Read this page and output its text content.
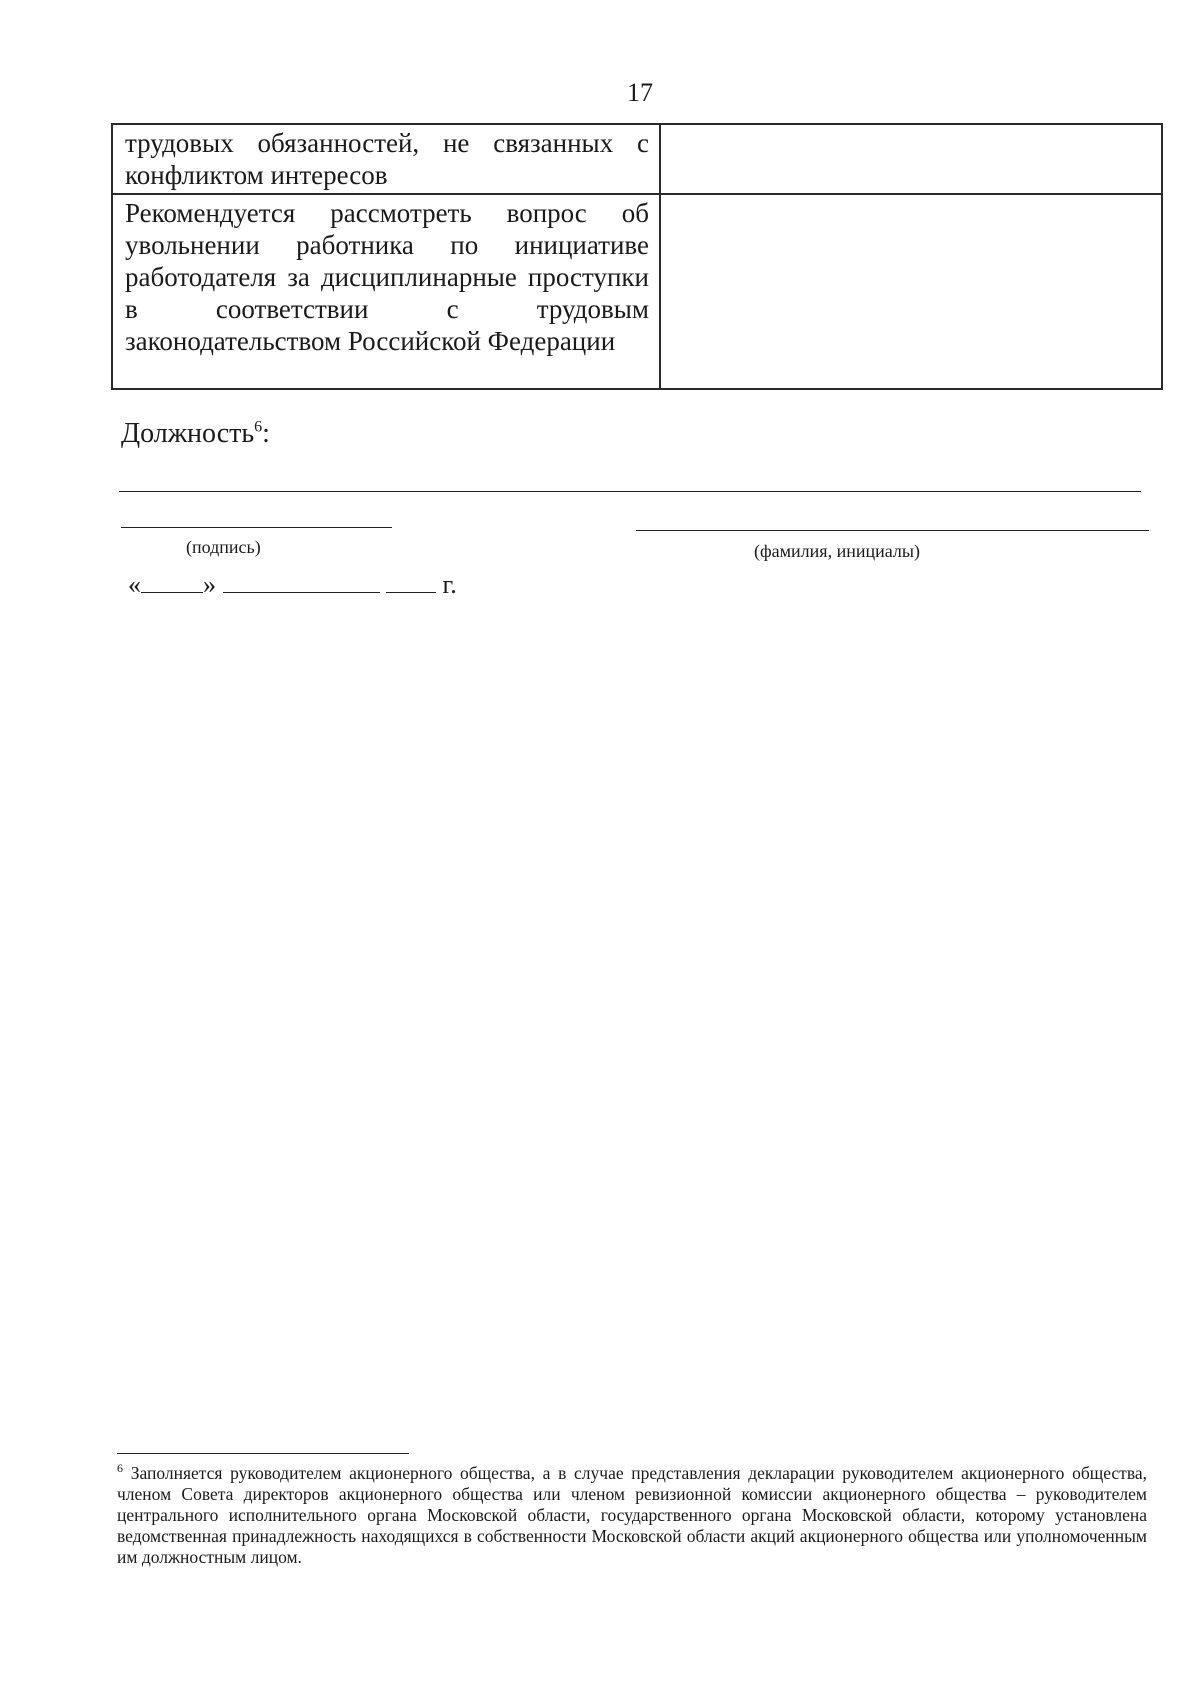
17
трудовых обязанностей, не связанных с конфликтом интересов	

Рекомендуется рассмотреть вопрос об увольнении работника по инициативе работодателя за дисциплинарные проступки в соответствии с трудовым законодательством Российской Федерации	

Должность$^6$:
(подпись)	(фамилия, инициалы)
« »	г.
$^6$ Заполняется руководителем акционерного общества, а в случае представления декларации руководителем акционерного общества, членом Совета директоров акционерного общества или членом ревизионной комиссии акционерного общества – руководителем центрального исполнительного органа Московской области, государственного органа Московской области, которому установлена ведомственная принадлежность находящихся в собственности Московской области акций акционерного общества или уполномоченным им должностным лицом.
